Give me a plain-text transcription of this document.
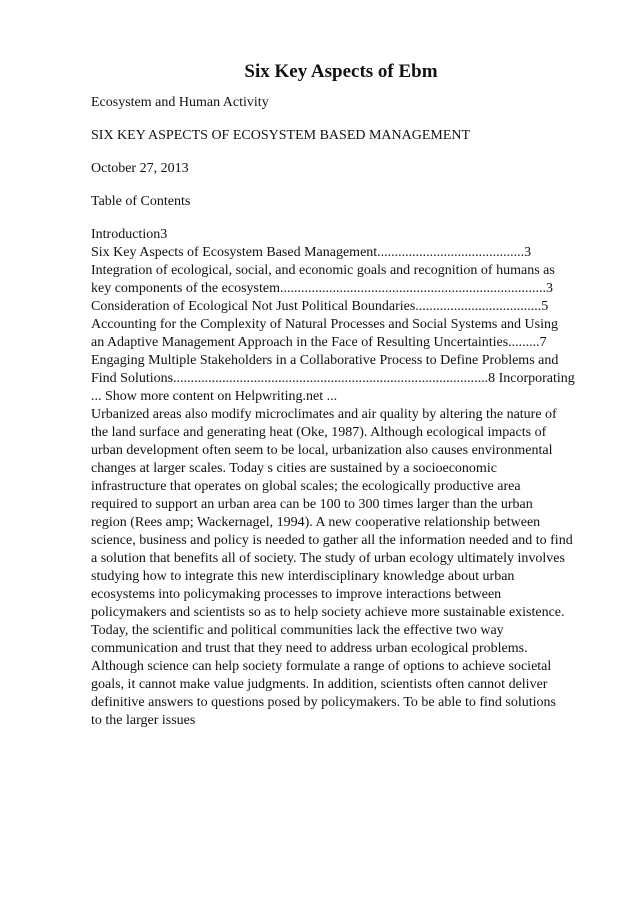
Six Key Aspects of Ebm

Ecosystem and Human Activity

SIX KEY ASPECTS OF ECOSYSTEM BASED MANAGEMENT

October 27, 2013

Table of Contents

Introduction3
Six Key Aspects of Ecosystem Based Management..........................................3
Integration of ecological, social, and economic goals and recognition of humans as
key components of the ecosystem............................................................................3
Consideration of Ecological Not Just Political Boundaries....................................5
Accounting for the Complexity of Natural Processes and Social Systems and Using
an Adaptive Management Approach in the Face of Resulting Uncertainties.........7
Engaging Multiple Stakeholders in a Collaborative Process to Define Problems and
Find Solutions..........................................................................................8 Incorporating
... Show more content on Helpwriting.net ...
Urbanized areas also modify microclimates and air quality by altering the nature of
the land surface and generating heat (Oke, 1987). Although ecological impacts of
urban development often seem to be local, urbanization also causes environmental
changes at larger scales. Today s cities are sustained by a socioeconomic
infrastructure that operates on global scales; the ecologically productive area
required to support an urban area can be 100 to 300 times larger than the urban
region (Rees amp; Wackernagel, 1994). A new cooperative relationship between
science, business and policy is needed to gather all the information needed and to find
a solution that benefits all of society. The study of urban ecology ultimately involves
studying how to integrate this new interdisciplinary knowledge about urban
ecosystems into policymaking processes to improve interactions between
policymakers and scientists so as to help society achieve more sustainable existence.
Today, the scientific and political communities lack the effective two way
communication and trust that they need to address urban ecological problems.
Although science can help society formulate a range of options to achieve societal
goals, it cannot make value judgments. In addition, scientists often cannot deliver
definitive answers to questions posed by policymakers. To be able to find solutions
to the larger issues
